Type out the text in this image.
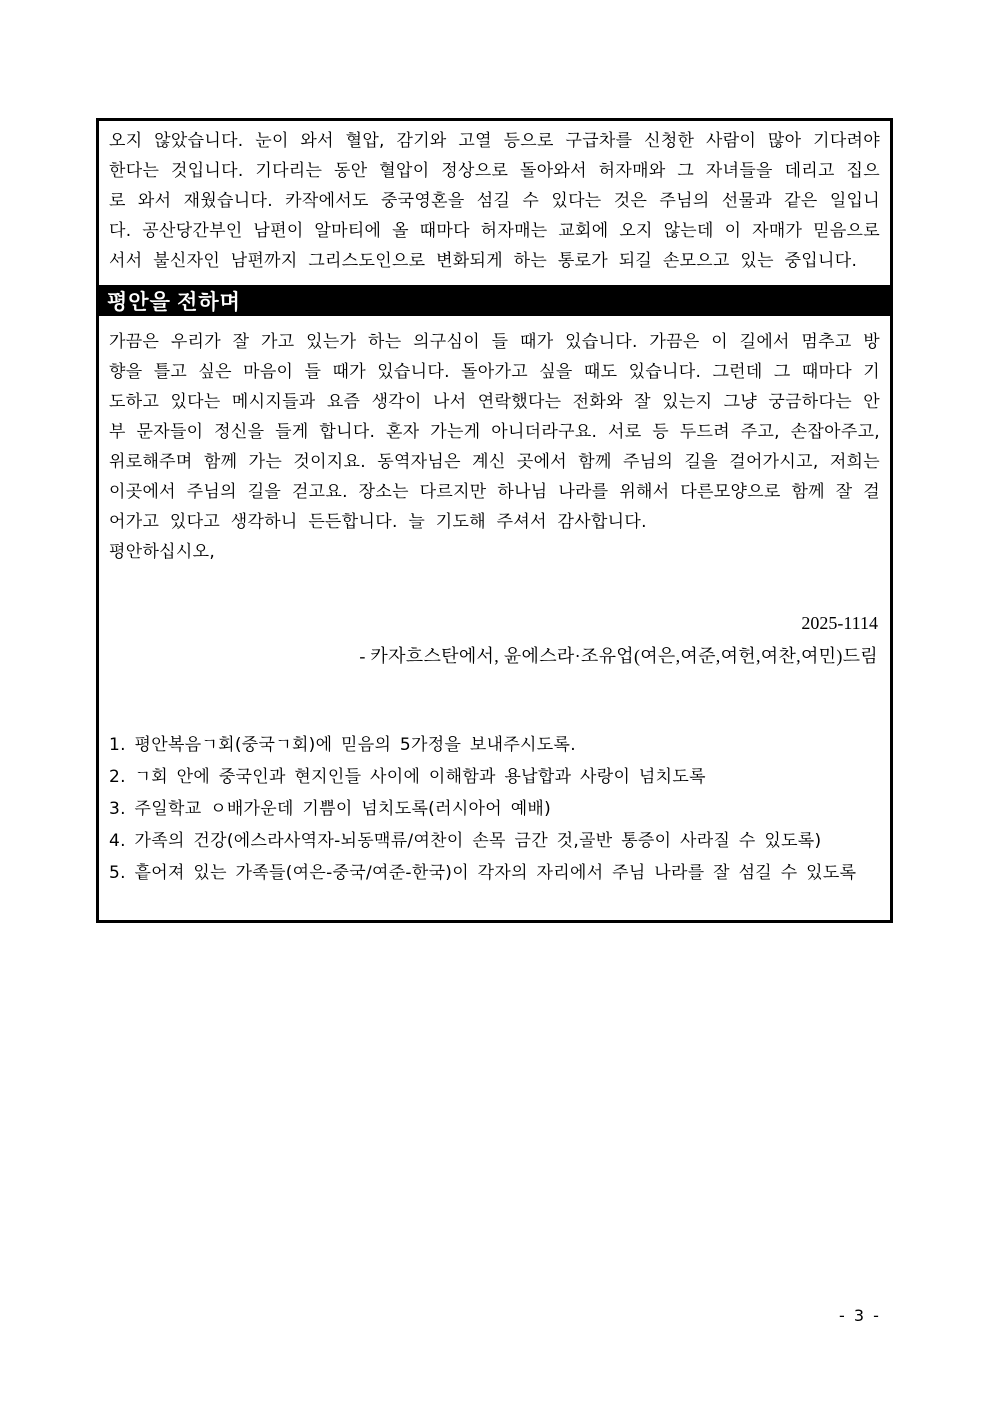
오지 않았습니다. 눈이 와서 혈압, 감기와 고열 등으로 구급차를 신청한 사람이 많아 기다려야 한다는 것입니다. 기다리는 동안 혈압이 정상으로 돌아와서 허자매와 그 자녀들을 데리고 집으로 와서 재웠습니다. 카작에서도 중국영혼을 섬길 수 있다는 것은 주님의 선물과 같은 일입니다. 공산당간부인 남편이 알마티에 올 때마다 허자매는 교회에 오지 않는데 이 자매가 믿음으로 서서 불신자인 남편까지 그리스도인으로 변화되게 하는 통로가 되길 손모으고 있는 중입니다.

평안을 전하며

가끔은 우리가 잘 가고 있는가 하는 의구심이 들 때가 있습니다. 가끔은 이 길에서 멈추고 방향을 틀고 싶은 마음이 들 때가 있습니다. 돌아가고 싶을 때도 있습니다. 그런데 그 때마다 기도하고 있다는 메시지들과 요즘 생각이 나서 연락했다는 전화와 잘 있는지 그냥 궁금하다는 안부 문자들이 정신을 들게 합니다. 혼자 가는게 아니더라구요. 서로 등 두드려 주고, 손잡아주고, 위로해주며 함께 가는 것이지요. 동역자님은 계신 곳에서 함께 주님의 길을 걸어가시고, 저희는 이곳에서 주님의 길을 걷고요. 장소는 다르지만 하나님 나라를 위해서 다른모양으로 함께 잘 걸어가고 있다고 생각하니 든든합니다. 늘 기도해 주셔서 감사합니다.

평안하십시오,

2025-1114
- 카자흐스탄에서, 윤에스라·조유업(여은,여준,여헌,여찬,여민)드림
1. 평안복음ㄱ회(중국ㄱ회)에 믿음의 5가정을 보내주시도록.
2. ㄱ회 안에 중국인과 현지인들 사이에 이해함과 용납합과 사랑이 넘치도록
3. 주일학교 ㅇ배가운데 기쁨이 넘치도록(러시아어 예배)
4. 가족의 건강(에스라사역자-뇌동맥류/여찬이 손목 금간 것,골반 통증이 사라질 수 있도록)
5. 흩어져 있는 가족들(여은-중국/여준-한국)이 각자의 자리에서 주님 나라를 잘 섬길 수 있도록
- 3 -
